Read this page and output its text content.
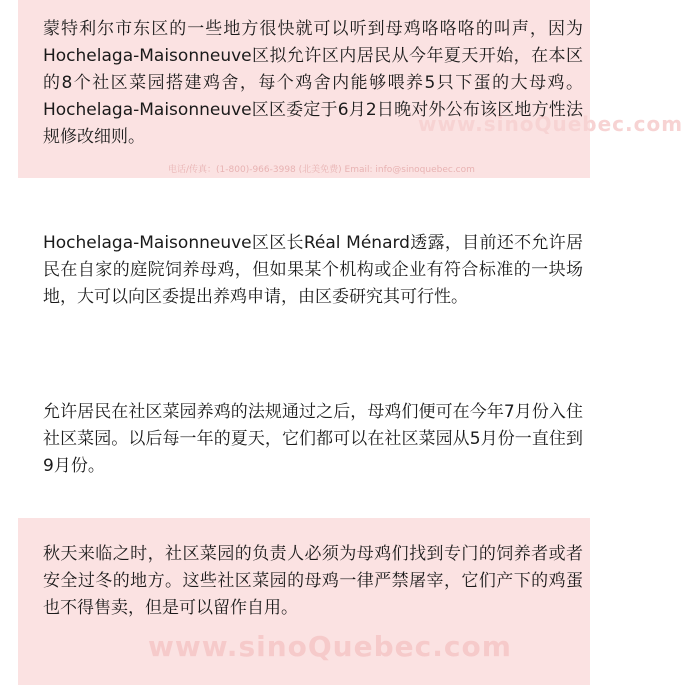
www.sinoQuebec.com
电话/传真：(1-800)-966-3998 (北美免费) Email: info@sinoquebec.com
www.sinoQuebec.com

蒙特利尔市东区的一些地方很快就可以听到母鸡咯咯咯的叫声，因为Hochelaga-Maisonneuve区拟允许区内居民从今年夏天开始，在本区的8个社区菜园搭建鸡舍，每个鸡舍内能够喂养5只下蛋的大母鸡。Hochelaga-Maisonneuve区区委定于6月2日晚对外公布该区地方性法规修改细则。

Hochelaga-Maisonneuve区区长Réal Ménard透露，目前还不允许居民在自家的庭院饲养母鸡，但如果某个机构或企业有符合标准的一块场地，大可以向区委提出养鸡申请，由区委研究其可行性。

允许居民在社区菜园养鸡的法规通过之后，母鸡们便可在今年7月份入住社区菜园。以后每一年的夏天，它们都可以在社区菜园从5月份一直住到9月份。

秋天来临之时，社区菜园的负责人必须为母鸡们找到专门的饲养者或者安全过冬的地方。这些社区菜园的母鸡一律严禁屠宰，它们产下的鸡蛋也不得售卖，但是可以留作自用。
